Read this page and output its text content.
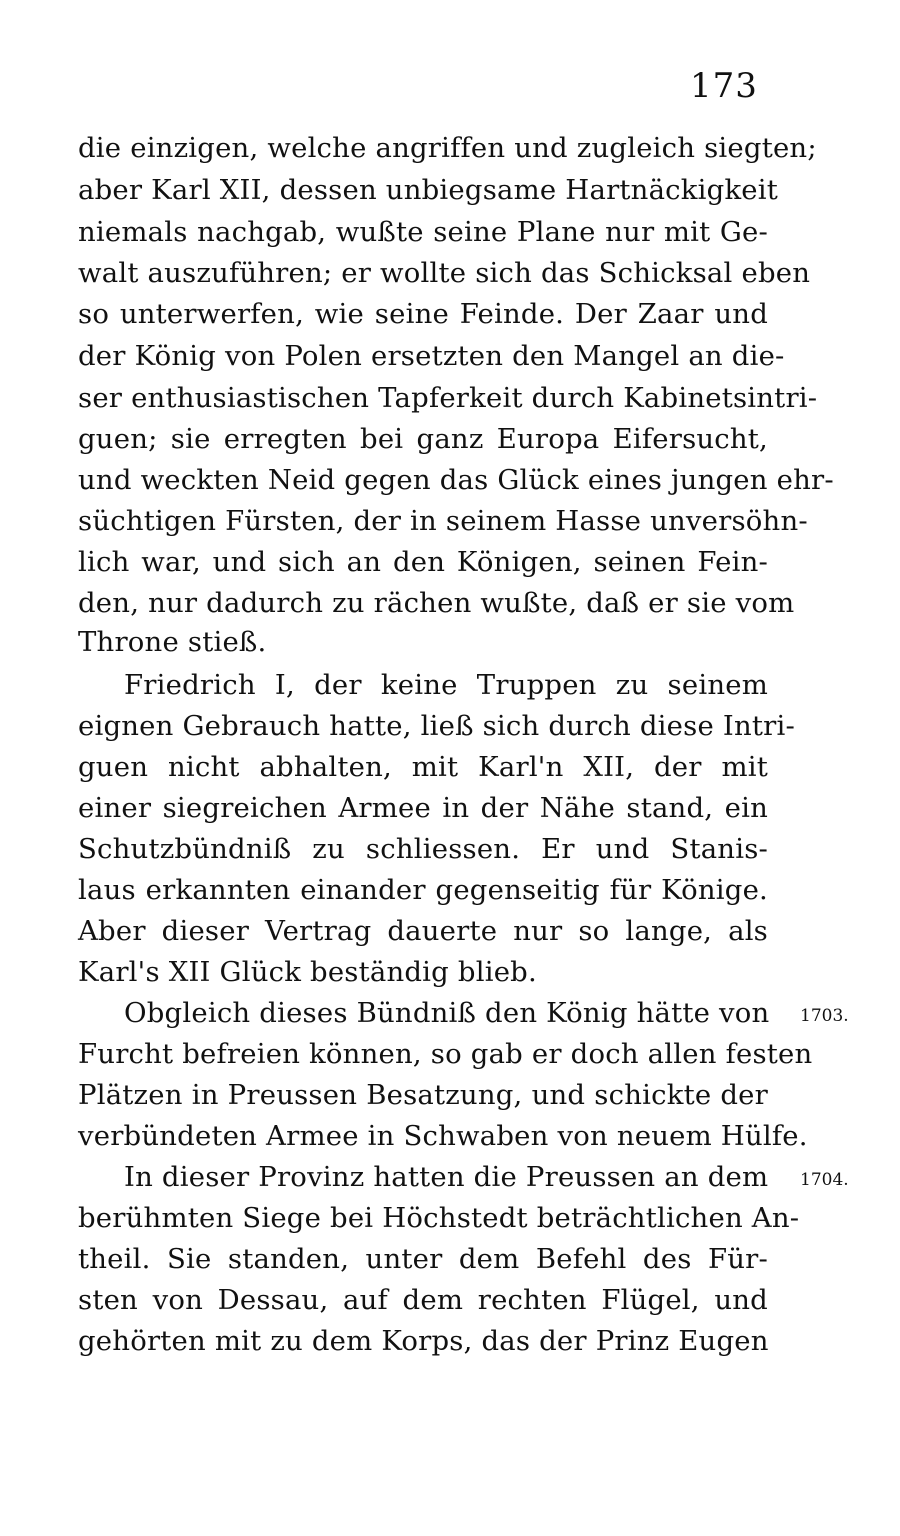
173
die einzigen, welche angriffen und zugleich siegten;
aber Karl XII, dessen unbiegsame Hartnäckigkeit
niemals nachgab, wußte seine Plane nur mit Ge-
walt auszuführen; er wollte sich das Schicksal eben
so unterwerfen, wie seine Feinde. Der Zaar und
der König von Polen ersetzten den Mangel an die-
ser enthusiastischen Tapferkeit durch Kabinetsintri-
guen; sie erregten bei ganz Europa Eifersucht,
und weckten Neid gegen das Glück eines jungen ehr-
süchtigen Fürsten, der in seinem Hasse unversöhn-
lich war, und sich an den Königen, seinen Fein-
den, nur dadurch zu rächen wußte, daß er sie vom
Throne stieß.
Friedrich I, der keine Truppen zu seinem
eignen Gebrauch hatte, ließ sich durch diese Intri-
guen nicht abhalten, mit Karl'n XII, der mit
einer siegreichen Armee in der Nähe stand, ein
Schutzbündniß zu schliessen. Er und Stanis-
laus erkannten einander gegenseitig für Könige.
Aber dieser Vertrag dauerte nur so lange, als
Karl's XII Glück beständig blieb.
Obgleich dieses Bündniß den König hätte von
Furcht befreien können, so gab er doch allen festen
Plätzen in Preussen Besatzung, und schickte der
verbündeten Armee in Schwaben von neuem Hülfe.
In dieser Provinz hatten die Preussen an dem
berühmten Siege bei Höchstedt beträchtlichen An-
theil. Sie standen, unter dem Befehl des Für-
sten von Dessau, auf dem rechten Flügel, und
gehörten mit zu dem Korps, das der Prinz Eugen
1703.
1704.
